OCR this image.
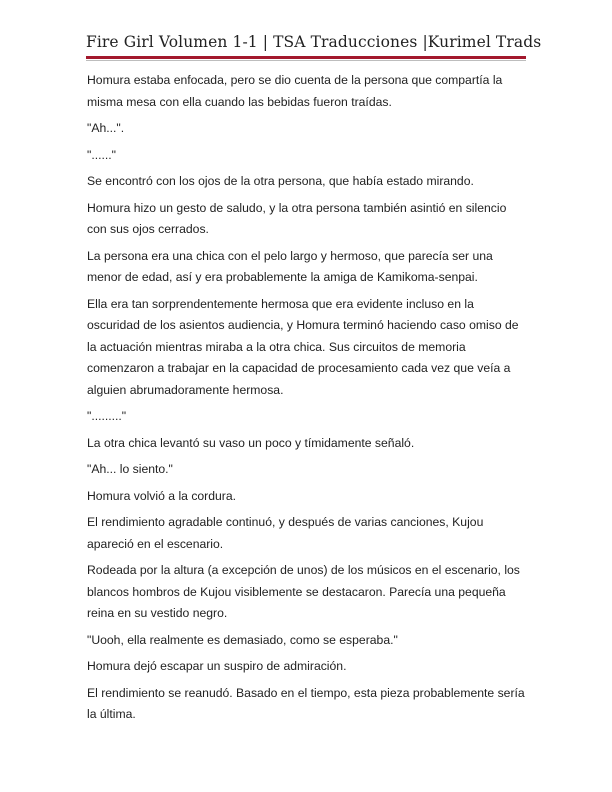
Fire Girl Volumen 1-1 | TSA Traducciones |Kurimel Trads

Homura estaba enfocada, pero se dio cuenta de la persona que compartía la misma mesa con ella cuando las bebidas fueron traídas.

"Ah...".

"......"

Se encontró con los ojos de la otra persona, que había estado mirando.

Homura hizo un gesto de saludo, y la otra persona también asintió en silencio con sus ojos cerrados.

La persona era una chica con el pelo largo y hermoso, que parecía ser una menor de edad, así y era probablemente la amiga de Kamikoma-senpai.

Ella era tan sorprendentemente hermosa que era evidente incluso en la oscuridad de los asientos audiencia, y Homura terminó haciendo caso omiso de la actuación mientras miraba a la otra chica. Sus circuitos de memoria comenzaron a trabajar en la capacidad de procesamiento cada vez que veía a alguien abrumadoramente hermosa.

"........."

La otra chica levantó su vaso un poco y tímidamente señaló.

"Ah... lo siento."

Homura volvió a la cordura.

El rendimiento agradable continuó, y después de varias canciones, Kujou apareció en el escenario.

Rodeada por la altura (a excepción de unos) de los músicos en el escenario, los blancos hombros de Kujou visiblemente se destacaron. Parecía una pequeña reina en su vestido negro.

"Uooh, ella realmente es demasiado, como se esperaba."

Homura dejó escapar un suspiro de admiración.

El rendimiento se reanudó. Basado en el tiempo, esta pieza probablemente sería la última.
